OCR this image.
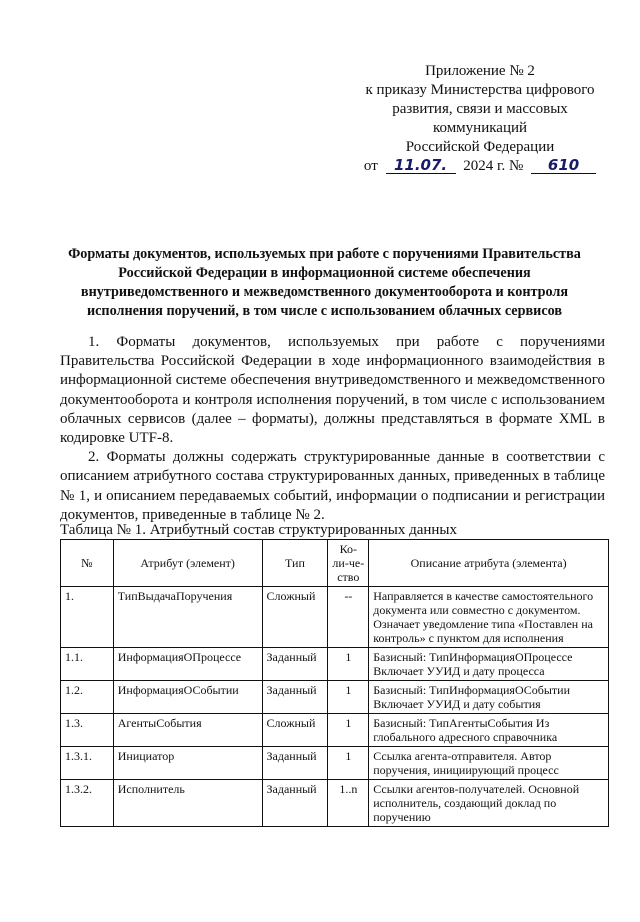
Приложение № 2
к приказу Министерства цифрового
развития, связи и массовых коммуникаций
Российской Федерации
от 11.07. 2024 г. № 610
Форматы документов, используемых при работе с поручениями Правительства Российской Федерации в информационной системе обеспечения внутриведомственного и межведомственного документооборота и контроля исполнения поручений, в том числе с использованием облачных сервисов

1. Форматы документов, используемых при работе с поручениями Правительства Российской Федерации в ходе информационного взаимодействия в информационной системе обеспечения внутриведомственного и межведомственного документооборота и контроля исполнения поручений, в том числе с использованием облачных сервисов (далее – форматы), должны представляться в формате XML в кодировке UTF-8.

2. Форматы должны содержать структурированные данные в соответствии с описанием атрибутного состава структурированных данных, приведенных в таблице № 1, и описанием передаваемых событий, информации о подписании и регистрации документов, приведенные в таблице № 2.

Таблица № 1. Атрибутный состав структурированных данных
№	Атрибут (элемент)	Тип	Ко-ли-че-ство	Описание атрибута (элемента)
1.	ТипВыдачаПоручения	Сложный	--	Направляется в качестве самостоятельного документа или совместно с документом. Означает уведомление типа «Поставлен на контроль» с пунктом для исполнения
1.1.	ИнформацияОПроцессе	Заданный	1	Базисный: ТипИнформацияОПроцессе Включает УУИД и дату процесса
1.2.	ИнформацияОСобытии	Заданный	1	Базисный: ТипИнформацияОСобытии Включает УУИД и дату события
1.3.	АгентыСобытия	Сложный	1	Базисный: ТипАгентыСобытия Из глобального адресного справочника
1.3.1.	Инициатор	Заданный	1	Ссылка агента-отправителя. Автор поручения, инициирующий процесс
1.3.2.	Исполнитель	Заданный	1..n	Ссылки агентов-получателей. Основной исполнитель, создающий доклад по поручению
